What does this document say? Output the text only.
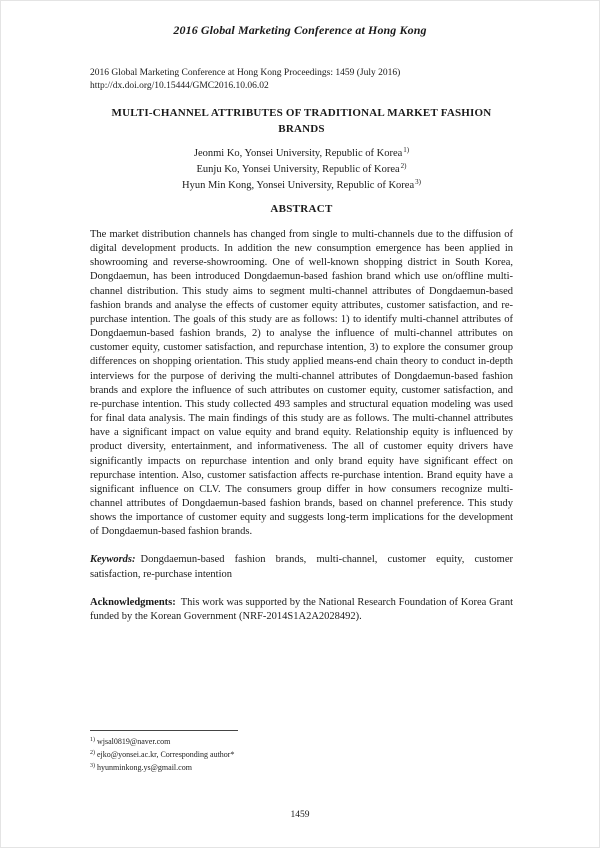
2016 Global Marketing Conference at Hong Kong
2016 Global Marketing Conference at Hong Kong Proceedings: 1459 (July 2016)
http://dx.doi.org/10.15444/GMC2016.10.06.02
MULTI-CHANNEL ATTRIBUTES OF TRADITIONAL MARKET FASHION BRANDS
Jeonmi Ko, Yonsei University, Republic of Korea$^{1)}$
Eunju Ko, Yonsei University, Republic of Korea$^{2)}$
Hyun Min Kong, Yonsei University, Republic of Korea$^{3)}$
ABSTRACT

The market distribution channels has changed from single to multi-channels due to the diffusion of digital development products. In addition the new consumption emergence has been applied in showrooming and reverse-showrooming. One of well-known shopping district in South Korea, Dongdaemun, has been introduced Dongdaemun-based fashion brand which use on/offline multi-channel distribution. This study aims to segment multi-channel attributes of Dongdaemun-based fashion brands and analyse the effects of customer equity attributes, customer satisfaction, and re-purchase intention. The goals of this study are as follows: 1) to identify multi-channel attributes of Dongdaemun-based fashion brands, 2) to analyse the influence of multi-channel attributes on customer equity, customer satisfaction, and repurchase intention, 3) to explore the consumer group differences on shopping orientation. This study applied means-end chain theory to conduct in-depth interviews for the purpose of deriving the multi-channel attributes of Dongdaemun-based fashion brands and explore the influence of such attributes on customer equity, customer satisfaction, and re-purchase intention. This study collected 493 samples and structural equation modeling was used for final data analysis. The main findings of this study are as follows. The multi-channel attributes have a significant impact on value equity and brand equity. Relationship equity is influenced by product diversity, entertainment, and informativeness. The all of customer equity drivers have significantly impacts on repurchase intention and only brand equity have significant effect on repurchase intention. Also, customer satisfaction affects re-purchase intention. Brand equity have a significant influence on CLV. The consumers group differ in how consumers recognize multi-channel attributes of Dongdaemun-based fashion brands, based on channel preference. This study shows the importance of customer equity and suggests long-term implications for the development of Dongdaemun-based fashion brands.

Keywords: Dongdaemun-based fashion brands, multi-channel, customer equity, customer satisfaction, re-purchase intention

Acknowledgments: This work was supported by the National Research Foundation of Korea Grant funded by the Korean Government (NRF-2014S1A2A2028492).

$^{1)}$ wjsal0819@naver.com
$^{2)}$ ejko@yonsei.ac.kr, Corresponding author*
$^{3)}$ hyunminkong.ys@gmail.com
1459
